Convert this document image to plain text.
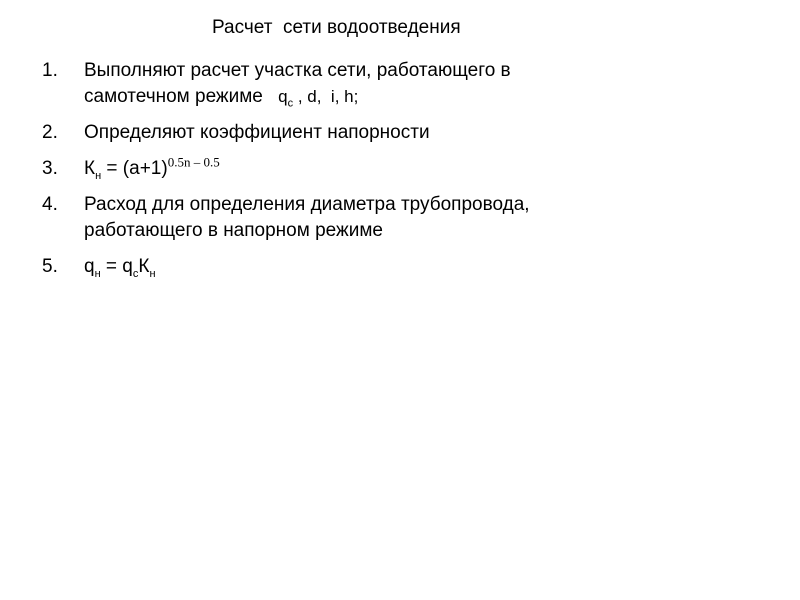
Расчет  сети водоотведения
1.	Выполняют расчет участка сети, работающего в
самотечном режиме   $q_с$ , d,  i, h;
2.	Определяют коэффициент напорности
3.	$К_н = (а+1)^{0.5n - 0.5}$
4.	Расход для определения диаметра трубопровода,
работающего в напорном режиме
5.	$q_н = q_сК_н$
